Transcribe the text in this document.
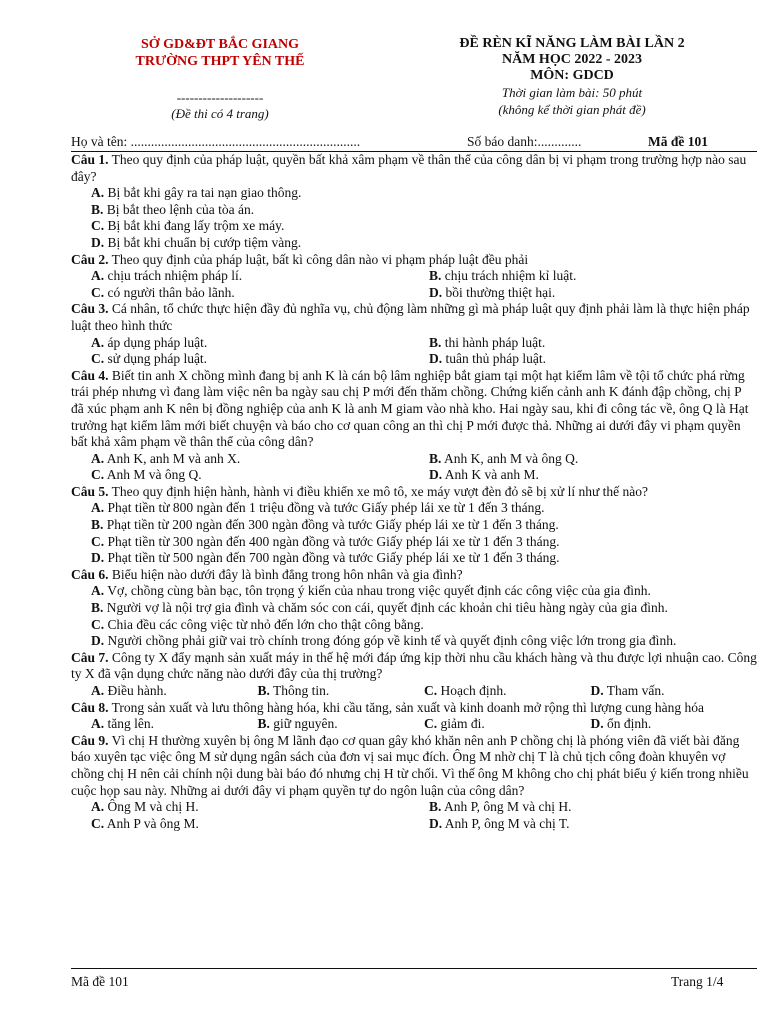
SỞ GD&ĐT BẮC GIANG
TRƯỜNG THPT YÊN THẾ
--------------------
(Đề thi có 4 trang)
ĐỀ RÈN KĨ NĂNG LÀM BÀI LẦN 2
NĂM HỌC 2022 - 2023
MÔN: GDCD
Thời gian làm bài: 50 phút
(không kể thời gian phát đề)
Họ và tên: ....................................................................	Số báo danh:.............	Mã đề 101
Câu 1. Theo quy định của pháp luật, quyền bất khả xâm phạm về thân thể của công dân bị vi phạm trong trường hợp nào sau đây?
A. Bị bắt khi gây ra tai nạn giao thông.
B. Bị bắt theo lệnh của tòa án.
C. Bị bắt khi đang lấy trộm xe máy.
D. Bị bắt khi chuẩn bị cướp tiệm vàng.
Câu 2. Theo quy định của pháp luật, bất kì công dân nào vi phạm pháp luật đều phải
A. chịu trách nhiệm pháp lí.	B. chịu trách nhiệm kỉ luật.
C. có người thân bảo lãnh.	D. bồi thường thiệt hại.
Câu 3. Cá nhân, tổ chức thực hiện đầy đủ nghĩa vụ, chủ động làm những gì mà pháp luật quy định phải làm là thực hiện pháp luật theo hình thức
A. áp dụng pháp luật.	B. thi hành pháp luật.
C. sử dụng pháp luật.	D. tuân thủ pháp luật.
Câu 4. Biết tin anh X chồng mình đang bị anh K là cán bộ lâm nghiệp bắt giam tại một hạt kiểm lâm về tội tổ chức phá rừng trái phép nhưng vì đang làm việc nên ba ngày sau chị P mới đến thăm chồng. Chứng kiến cảnh anh K đánh đập chồng, chị P đã xúc phạm anh K nên bị đồng nghiệp của anh K là anh M giam vào nhà kho. Hai ngày sau, khi đi công tác về, ông Q là Hạt trưởng hạt kiểm lâm mới biết chuyện và báo cho cơ quan công an thì chị P mới được thả. Những ai dưới đây vi phạm quyền bất khả xâm phạm về thân thể của công dân?
A. Anh K, anh M và anh X.	B. Anh K, anh M và ông Q.
C. Anh M và ông Q.	D. Anh K và anh M.
Câu 5. Theo quy định hiện hành, hành vi điều khiển xe mô tô, xe máy vượt đèn đỏ sẽ bị xử lí như thế nào?
A. Phạt tiền từ 800 ngàn đến 1 triệu đồng và tước Giấy phép lái xe từ 1 đến 3 tháng.
B. Phạt tiền từ 200 ngàn đến 300 ngàn đồng và tước Giấy phép lái xe từ 1 đến 3 tháng.
C. Phạt tiền từ 300 ngàn đến 400 ngàn đồng và tước Giấy phép lái xe từ 1 đến 3 tháng.
D. Phạt tiền từ 500 ngàn đến 700 ngàn đồng và tước Giấy phép lái xe từ 1 đến 3 tháng.
Câu 6. Biểu hiện nào dưới đây là bình đẳng trong hôn nhân và gia đình?
A. Vợ, chồng cùng bàn bạc, tôn trọng ý kiến của nhau trong việc quyết định các công việc của gia đình.
B. Người vợ là nội trợ gia đình và chăm sóc con cái, quyết định các khoản chi tiêu hàng ngày của gia đình.
C. Chia đều các công việc từ nhỏ đến lớn cho thật công bằng.
D. Người chồng phải giữ vai trò chính trong đóng góp về kinh tế và quyết định công việc lớn trong gia đình.
Câu 7. Công ty X đẩy mạnh sản xuất máy in thế hệ mới đáp ứng kịp thời nhu cầu khách hàng và thu được lợi nhuận cao. Công ty X đã vận dụng chức năng nào dưới đây của thị trường?
A. Điều hành.	B. Thông tin.	C. Hoạch định.	D. Tham vấn.
Câu 8. Trong sản xuất và lưu thông hàng hóa, khi cầu tăng, sản xuất và kinh doanh mở rộng thì lượng cung hàng hóa
A. tăng lên.	B. giữ nguyên.	C. giảm đi.	D. ổn định.
Câu 9. Vì chị H thường xuyên bị ông M lãnh đạo cơ quan gây khó khăn nên anh P chồng chị là phóng viên đã viết bài đăng báo xuyên tạc việc ông M sử dụng ngân sách của đơn vị sai mục đích. Ông M nhờ chị T là chủ tịch công đoàn khuyên vợ chồng chị H nên cải chính nội dung bài báo đó nhưng chị H từ chối. Vì thế ông M không cho chị phát biểu ý kiến trong nhiều cuộc họp sau này. Những ai dưới đây vi phạm quyền tự do ngôn luận của công dân?
A. Ông M và chị H.	B. Anh P, ông M và chị H.
C. Anh P và ông M.	D. Anh P, ông M và chị T.
Mã đề 101	Trang 1/4
